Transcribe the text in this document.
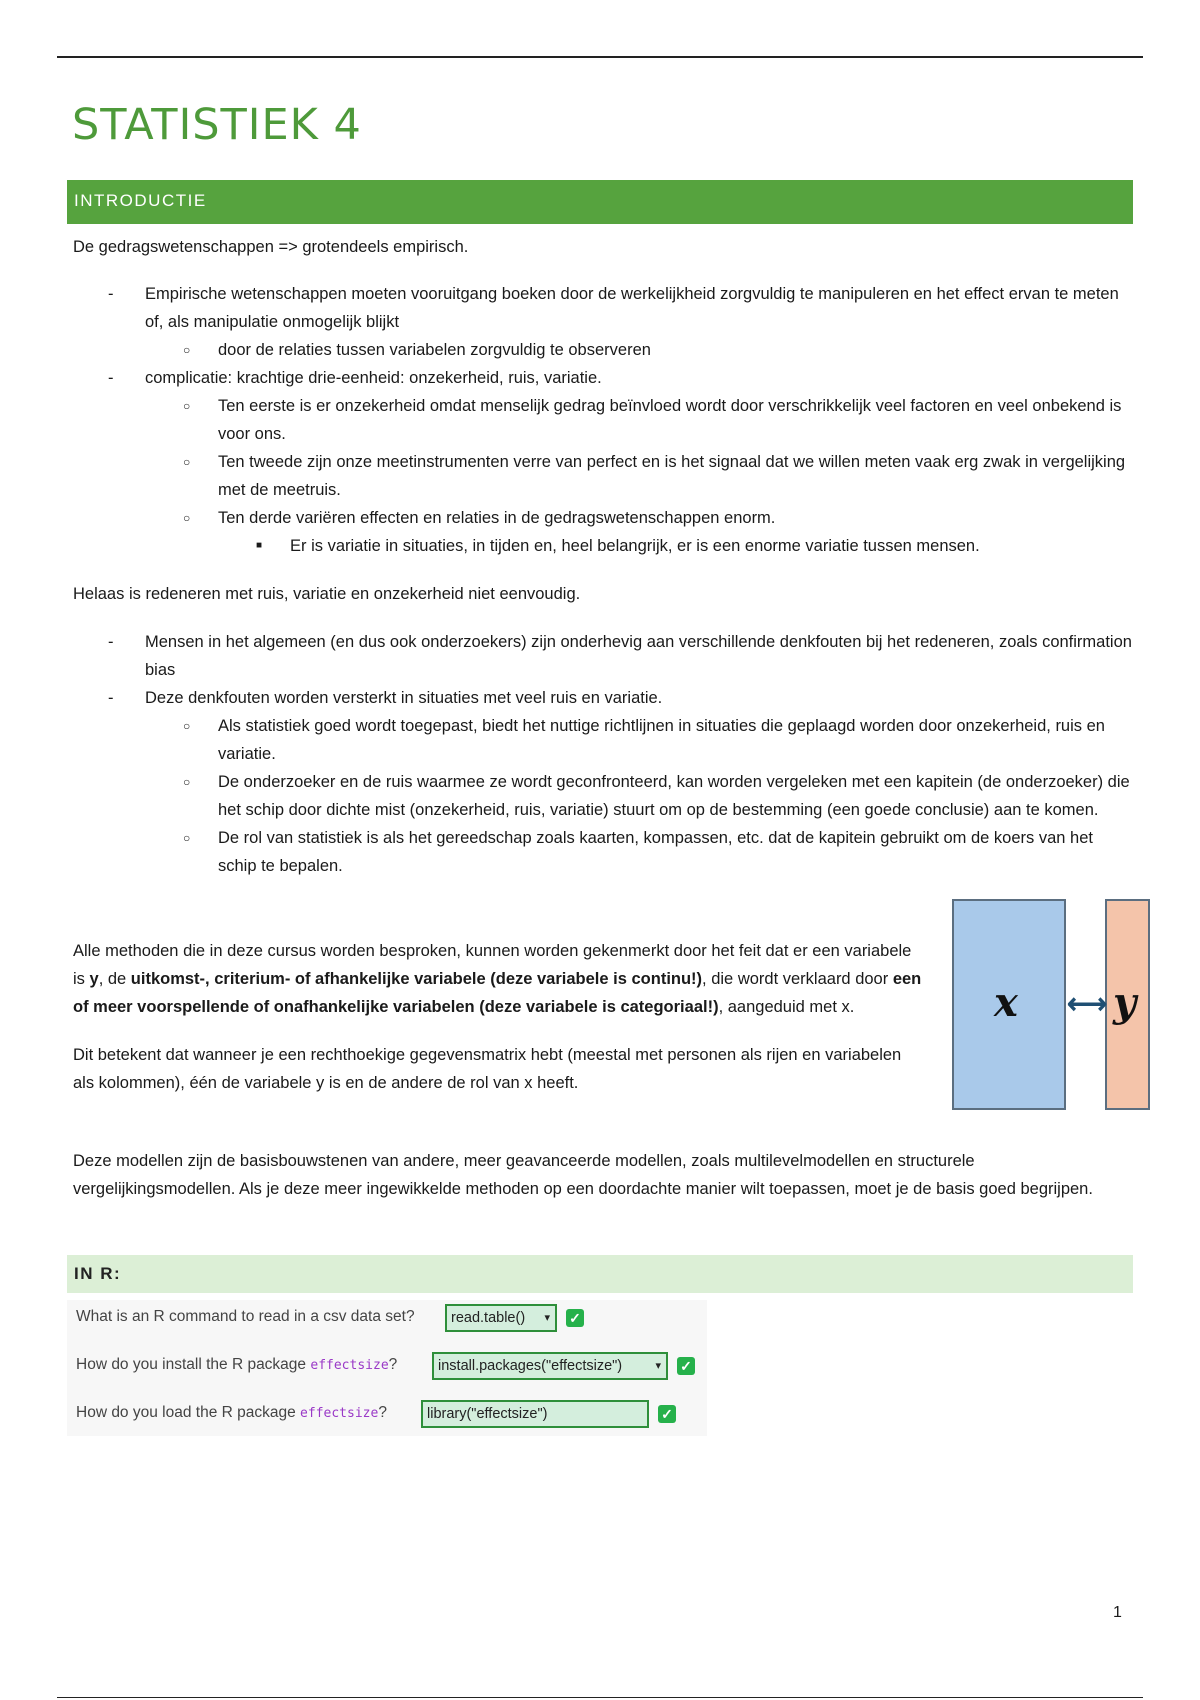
STATISTIEK 4
INTRODUCTIE

De gedragswetenschappen => grotendeels empirisch.

- Empirische wetenschappen moeten vooruitgang boeken door de werkelijkheid zorgvuldig te manipuleren en het effect ervan te meten of, als manipulatie onmogelijk blijkt
○ door de relaties tussen variabelen zorgvuldig te observeren
- complicatie: krachtige drie-eenheid: onzekerheid, ruis, variatie.
○ Ten eerste is er onzekerheid omdat menselijk gedrag beïnvloed wordt door verschrikkelijk veel factoren en veel onbekend is voor ons.
○ Ten tweede zijn onze meetinstrumenten verre van perfect en is het signaal dat we willen meten vaak erg zwak in vergelijking met de meetruis.
○ Ten derde variëren effecten en relaties in de gedragswetenschappen enorm.
■ Er is variatie in situaties, in tijden en, heel belangrijk, er is een enorme variatie tussen mensen.

Helaas is redeneren met ruis, variatie en onzekerheid niet eenvoudig.

- Mensen in het algemeen (en dus ook onderzoekers) zijn onderhevig aan verschillende denkfouten bij het redeneren, zoals confirmation bias
- Deze denkfouten worden versterkt in situaties met veel ruis en variatie.
○ Als statistiek goed wordt toegepast, biedt het nuttige richtlijnen in situaties die geplaagd worden door onzekerheid, ruis en variatie.
○ De onderzoeker en de ruis waarmee ze wordt geconfronteerd, kan worden vergeleken met een kapitein (de onderzoeker) die het schip door dichte mist (onzekerheid, ruis, variatie) stuurt om op de bestemming (een goede conclusie) aan te komen.
○ De rol van statistiek is als het gereedschap zoals kaarten, kompassen, etc. dat de kapitein gebruikt om de koers van het schip te bepalen.

Alle methoden die in deze cursus worden besproken, kunnen worden gekenmerkt door het feit dat er een variabele is y, de uitkomst-, criterium- of afhankelijke variabele (deze variabele is continu!), die wordt verklaard door een of meer voorspellende of onafhankelijke variabelen (deze variabele is categoriaal!), aangeduid met x.

Dit betekent dat wanneer je een rechthoekige gegevensmatrix hebt (meestal met personen als rijen en variabelen als kolommen), één de variabele y is en de andere de rol van x heeft.

Deze modellen zijn de basisbouwstenen van andere, meer geavanceerde modellen, zoals multilevelmodellen en structurele vergelijkingsmodellen. Als je deze meer ingewikkelde methoden op een doordachte manier wilt toepassen, moet je de basis goed begrijpen.

x y
⟷
IN R:
What is an R command to read in a csv data set?	read.table() ▾ ✓
How do you install the R package effectsize?	install.packages("effectsize")	▾ ✓
How do you load the R package effectsize?	library("effectsize")	✓
1
